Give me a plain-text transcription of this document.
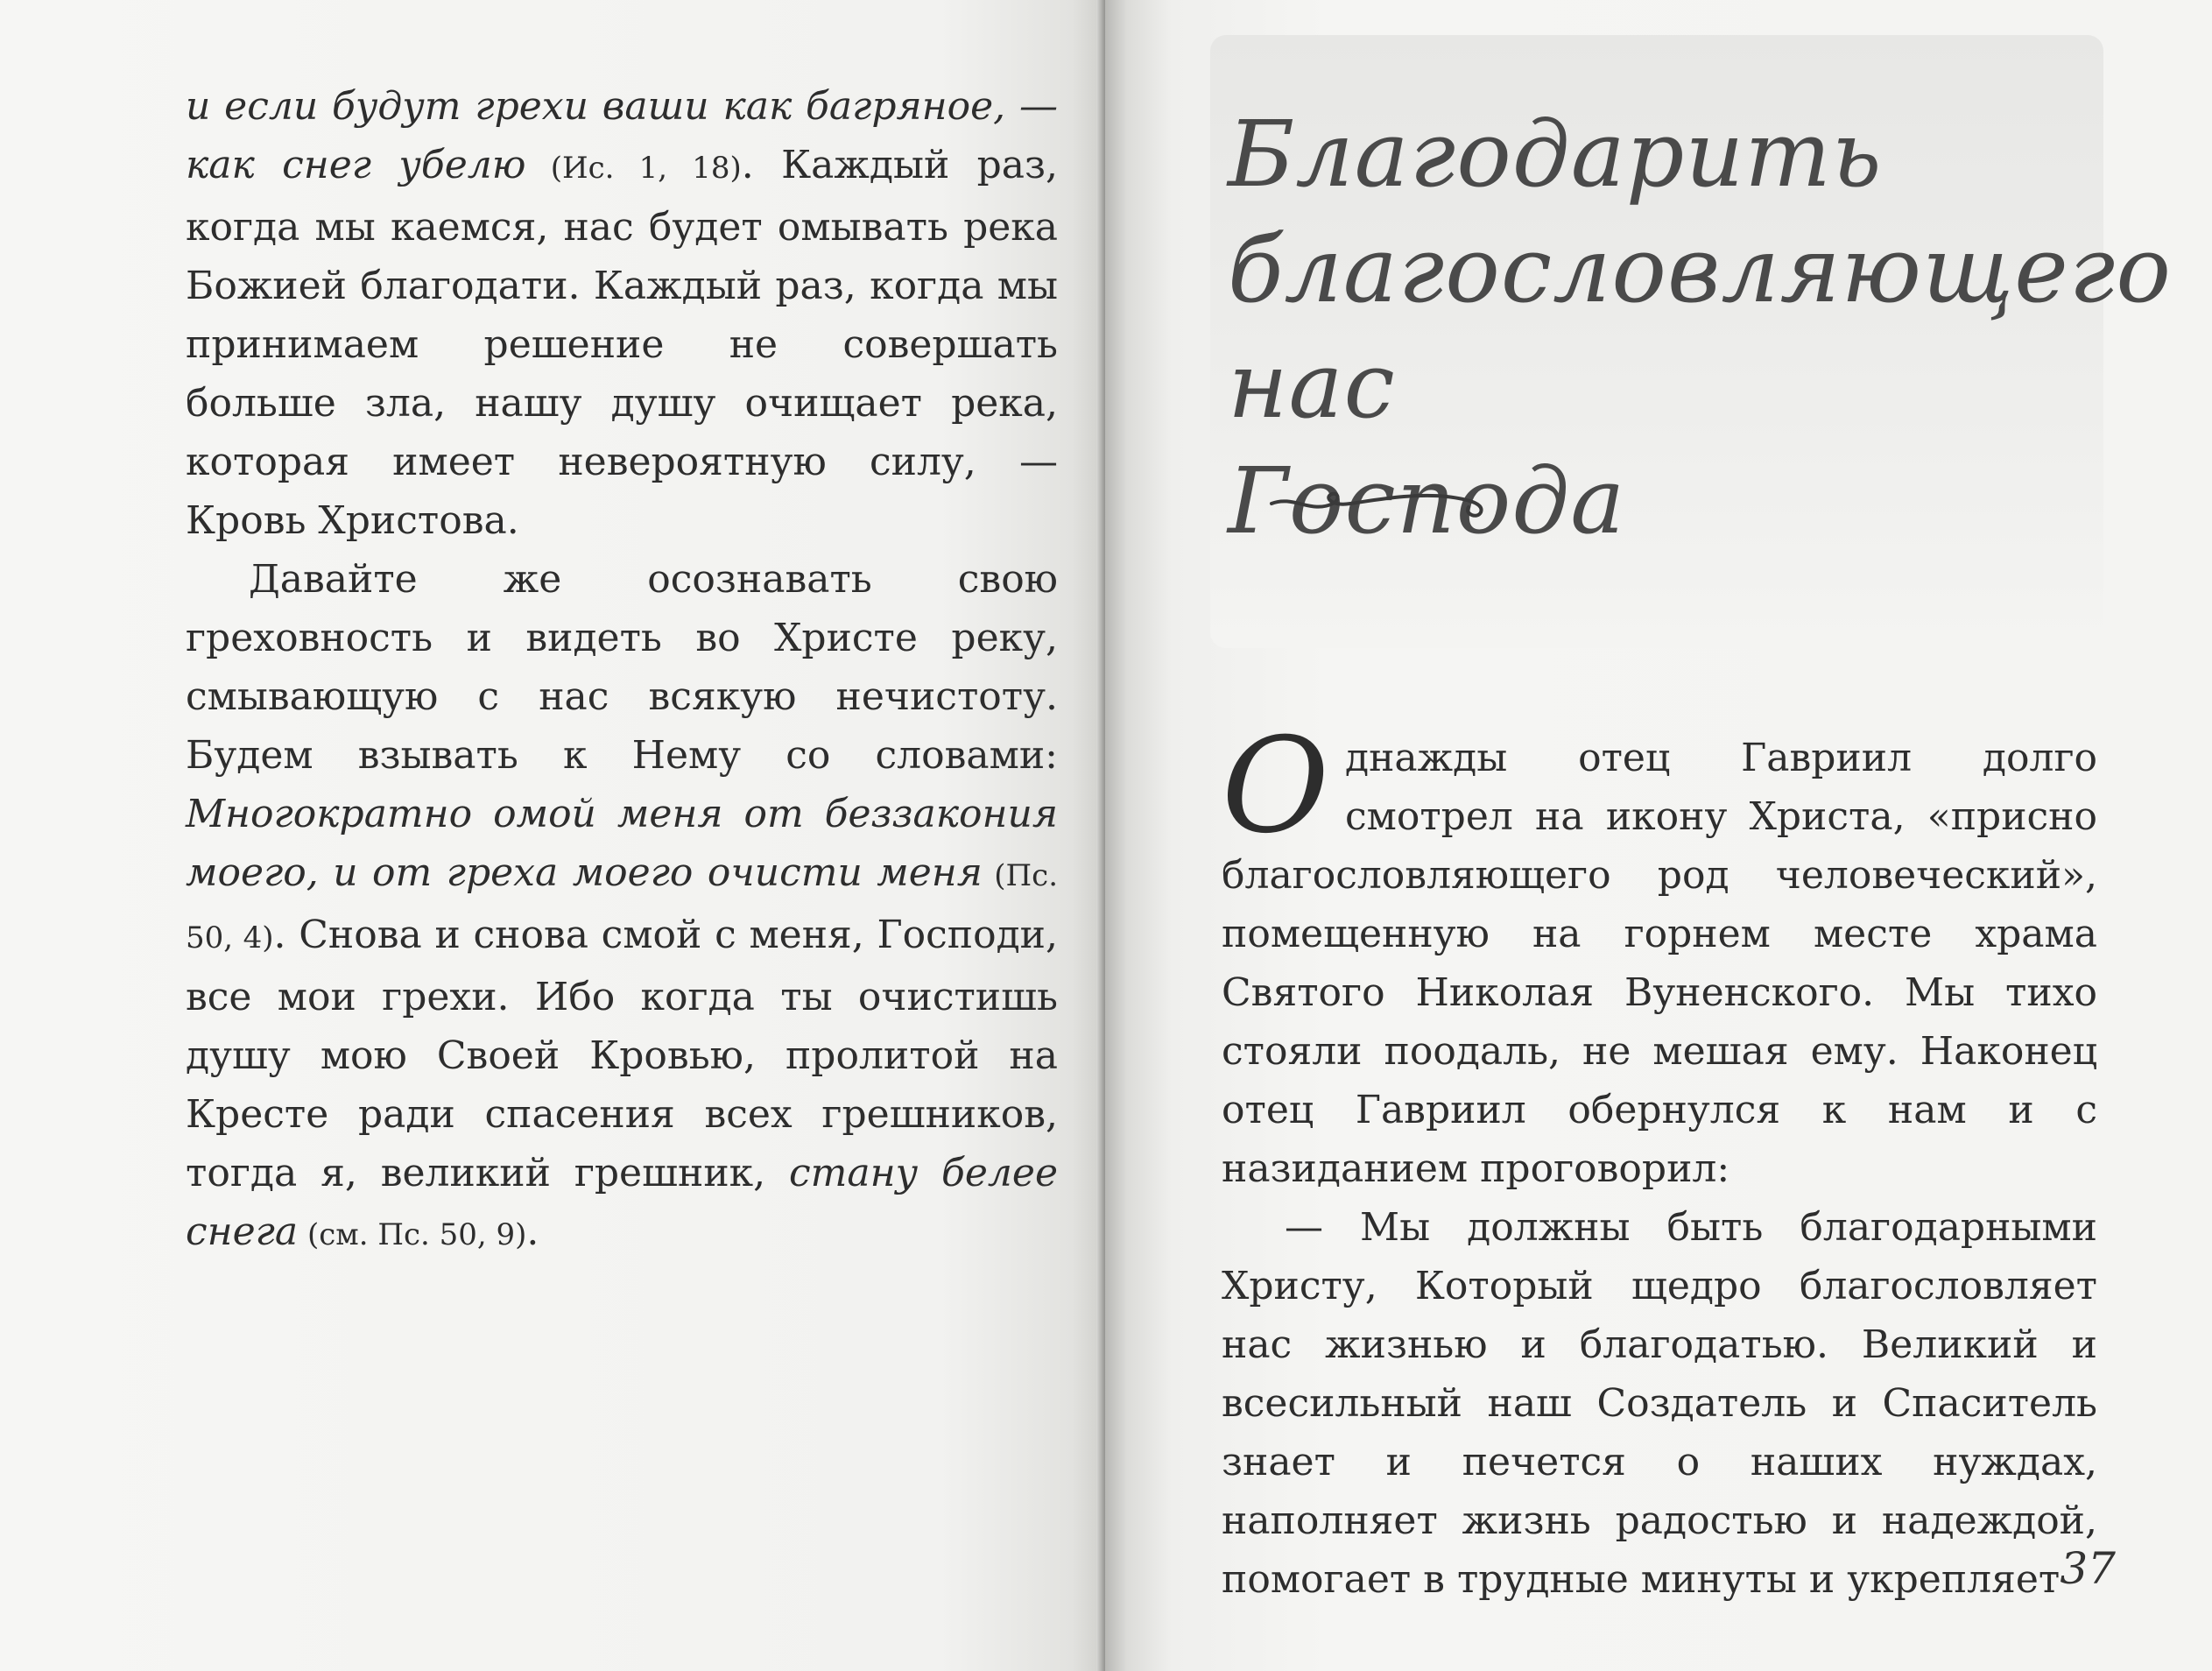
и если будут грехи ваши как багряное, — как снег убелю (Ис. 1, 18). Каждый раз, когда мы каемся, нас будет омывать река Божией благодати. Каждый раз, когда мы принимаем решение не совершать больше зла, нашу душу очищает река, которая имеет невероятную силу, — Кровь Христова.

Давайте же осознавать свою греховность и видеть во Христе реку, смывающую с нас всякую нечистоту. Будем взывать к Нему со словами: Многократно омой меня от беззакония моего, и от греха моего очисти меня (Пс. 50, 4). Снова и снова смой с меня, Господи, все мои грехи. Ибо когда ты очистишь душу мою Своей Кровью, пролитой на Кресте ради спасения всех грешников, тогда я, великий грешник, стану белее снега (см. Пс. 50, 9).

Благодарить
благословляющего нас
Господа
О днажды отец Гавриил долго смотрел на икону Христа, «присно благословляющего род человеческий», помещенную на горнем месте храма Святого Николая Вуненского. Мы тихо стояли поодаль, не мешая ему. Наконец отец Гавриил обернулся к нам и с назиданием проговорил:

— Мы должны быть благодарными Христу, Который щедро благословляет нас жизнью и благодатью. Великий и всесильный наш Создатель и Спаситель знает и печется о наших нуждах, наполняет жизнь радостью и надеждой, помогает в трудные минуты и укрепляет 37
